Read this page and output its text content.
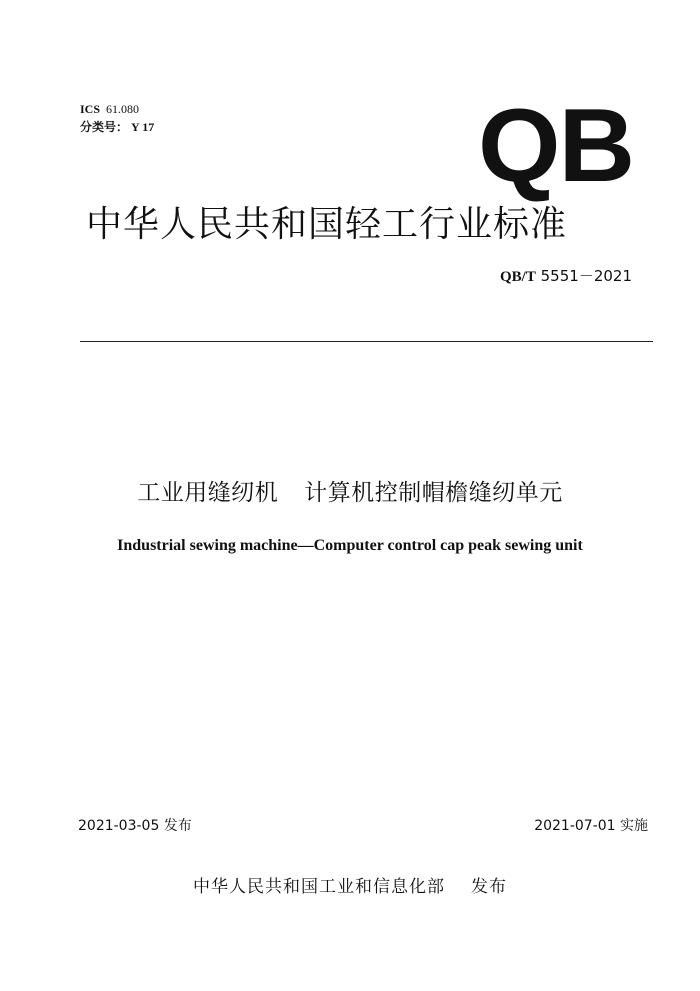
ICS 61.080
分类号： Y 17	QB
中华人民共和国轻工行业标准
QB/T 5551－2021
工业用缝纫机 计算机控制帽檐缝纫单元
Industrial sewing machine—Computer control cap peak sewing unit
2021-03-05 发布	2021-07-01 实施
中华人民共和国工业和信息化部 发布
